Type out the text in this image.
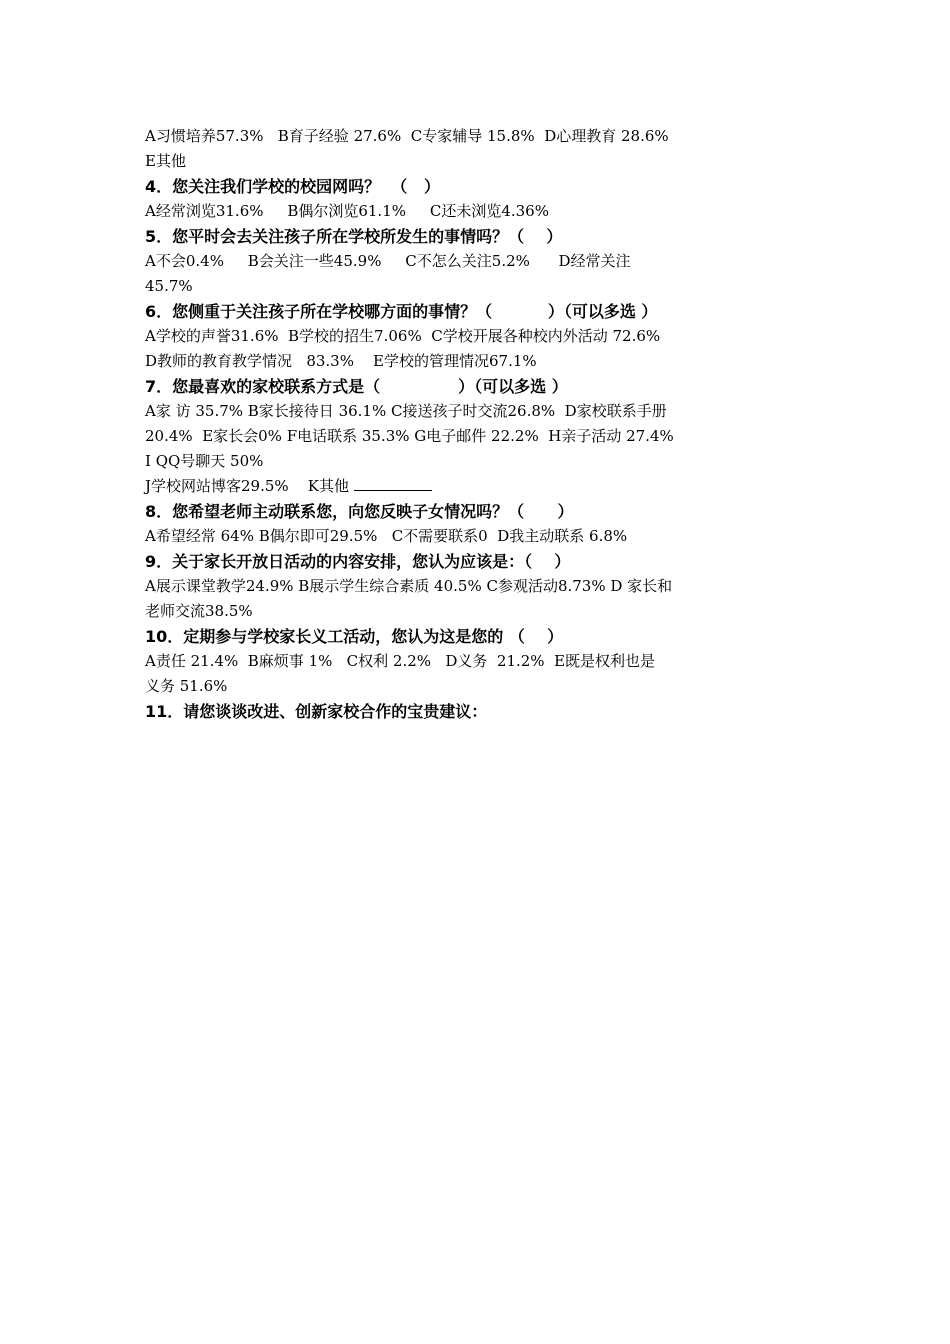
A习惯培养57.3%   B育子经验 27.6%  C专家辅导 15.8%  D心理教育 28.6%
E其他
4．您关注我们学校的校园网吗？  （   ）
A经常浏览31.6%     B偶尔浏览61.1%     C还未浏览4.36%
5．您平时会去关注孩子所在学校所发生的事情吗？（    ）
A不会0.4%     B会关注一些45.9%     C不怎么关注5.2%      D经常关注
45.7%
6．您侧重于关注孩子所在学校哪方面的事情？（          ）（可以多选 ）
A学校的声誉31.6%  B学校的招生7.06%  C学校开展各种校内外活动 72.6%
D教师的教育教学情况   83.3%    E学校的管理情况67.1%
7．您最喜欢的家校联系方式是（              ）（可以多选 ）
A家 访 35.7% B家长接待日 36.1% C接送孩子时交流26.8%  D家校联系手册
20.4%  E家长会0% F电话联系 35.3% G电子邮件 22.2%  H亲子活动 27.4%
I QQ号聊天 50%
J学校网站博客29.5%    K其他
8．您希望老师主动联系您，向您反映子女情况吗？（      ）
A希望经常 64% B偶尔即可29.5%   C不需要联系0  D我主动联系 6.8%
9．关于家长开放日活动的内容安排，您认为应该是：（    ）
A展示课堂教学24.9% B展示学生综合素质 40.5% C参观活动8.73% D 家长和
老师交流38.5%
10．定期参与学校家长义工活动，您认为这是您的 （    ）
A责任 21.4%  B麻烦事 1%   C权利 2.2%   D义务  21.2%  E既是权利也是
义务 51.6%
11．请您谈谈改进、创新家校合作的宝贵建议：
